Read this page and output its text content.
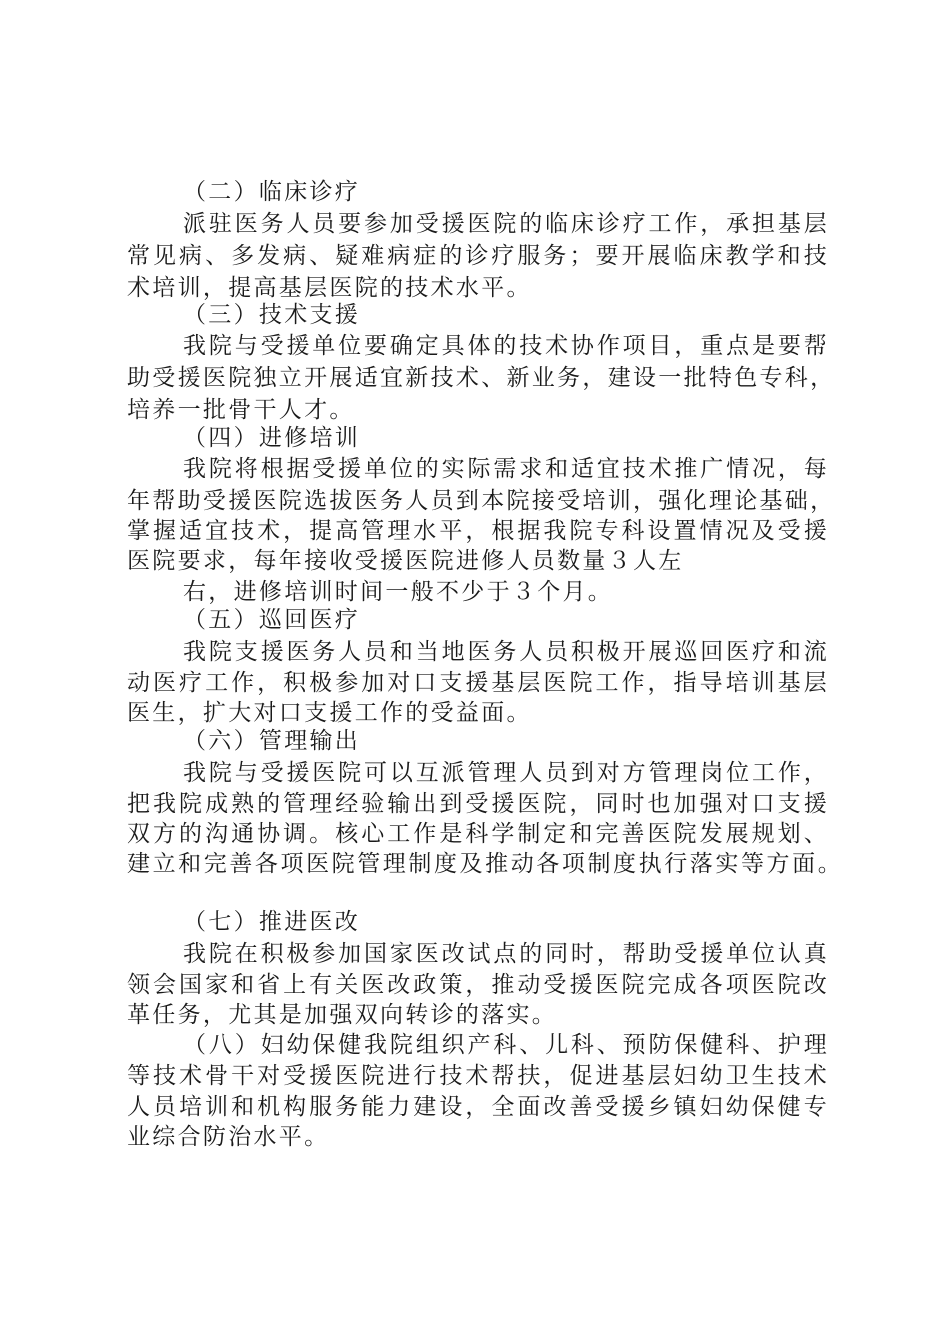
（二）临床诊疗
派驻医务人员要参加受援医院的临床诊疗工作，承担基层
常见病、多发病、疑难病症的诊疗服务；要开展临床教学和技
术培训，提高基层医院的技术水平。
（三）技术支援
我院与受援单位要确定具体的技术协作项目，重点是要帮
助受援医院独立开展适宜新技术、新业务，建设一批特色专科，
培养一批骨干人才。
（四）进修培训
我院将根据受援单位的实际需求和适宜技术推广情况，每
年帮助受援医院选拔医务人员到本院接受培训，强化理论基础，
掌握适宜技术，提高管理水平，根据我院专科设置情况及受援
医院要求，每年接收受援医院进修人员数量３人左
右，进修培训时间一般不少于３个月。
（五）巡回医疗
我院支援医务人员和当地医务人员积极开展巡回医疗和流
动医疗工作，积极参加对口支援基层医院工作，指导培训基层
医生，扩大对口支援工作的受益面。
（六）管理输出
我院与受援医院可以互派管理人员到对方管理岗位工作，
把我院成熟的管理经验输出到受援医院，同时也加强对口支援
双方的沟通协调。核心工作是科学制定和完善医院发展规划、
建立和完善各项医院管理制度及推动各项制度执行落实等方面。
（七）推进医改
我院在积极参加国家医改试点的同时，帮助受援单位认真
领会国家和省上有关医改政策，推动受援医院完成各项医院改
革任务，尤其是加强双向转诊的落实。
（八）妇幼保健我院组织产科、儿科、预防保健科、护理
等技术骨干对受援医院进行技术帮扶，促进基层妇幼卫生技术
人员培训和机构服务能力建设，全面改善受援乡镇妇幼保健专
业综合防治水平。
